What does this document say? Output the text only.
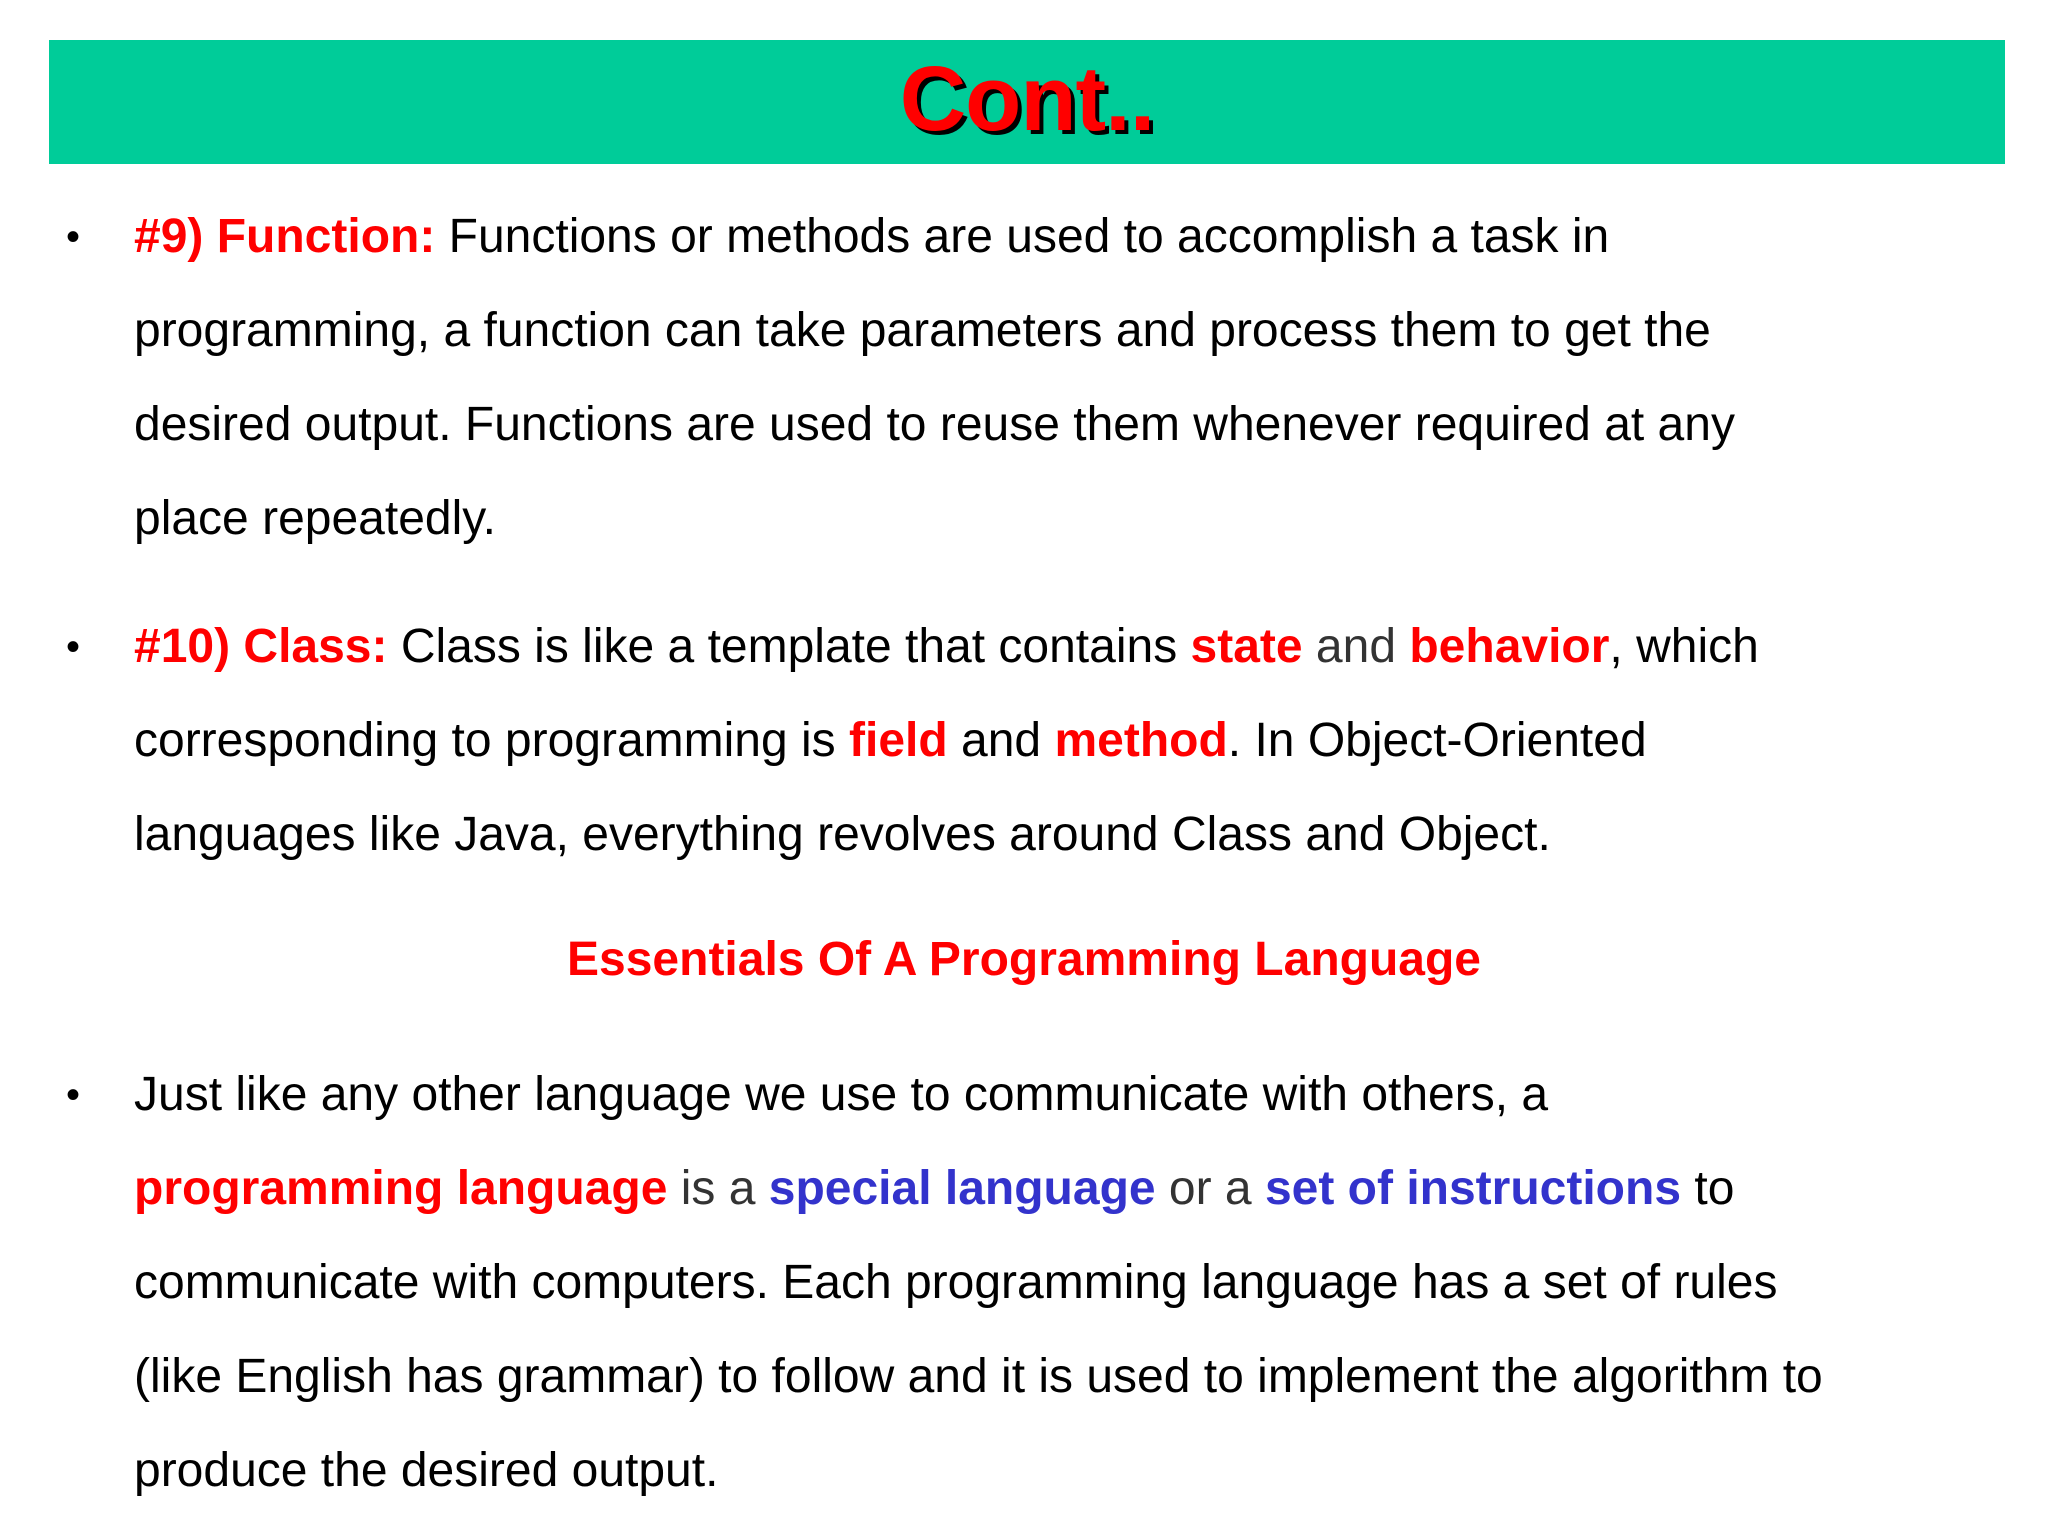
Cont..
• #9) Function: Functions or methods are used to accomplish a task in
programming, a function can take parameters and process them to get the
desired output. Functions are used to reuse them whenever required at any
place repeatedly.
• #10) Class: Class is like a template that contains state and behavior, which
corresponding to programming is field and method. In Object-Oriented
languages like Java, everything revolves around Class and Object.
Essentials Of A Programming Language
• Just like any other language we use to communicate with others, a
programming language is a special language or a set of instructions to
communicate with computers. Each programming language has a set of rules
(like English has grammar) to follow and it is used to implement the algorithm to
produce the desired output.
